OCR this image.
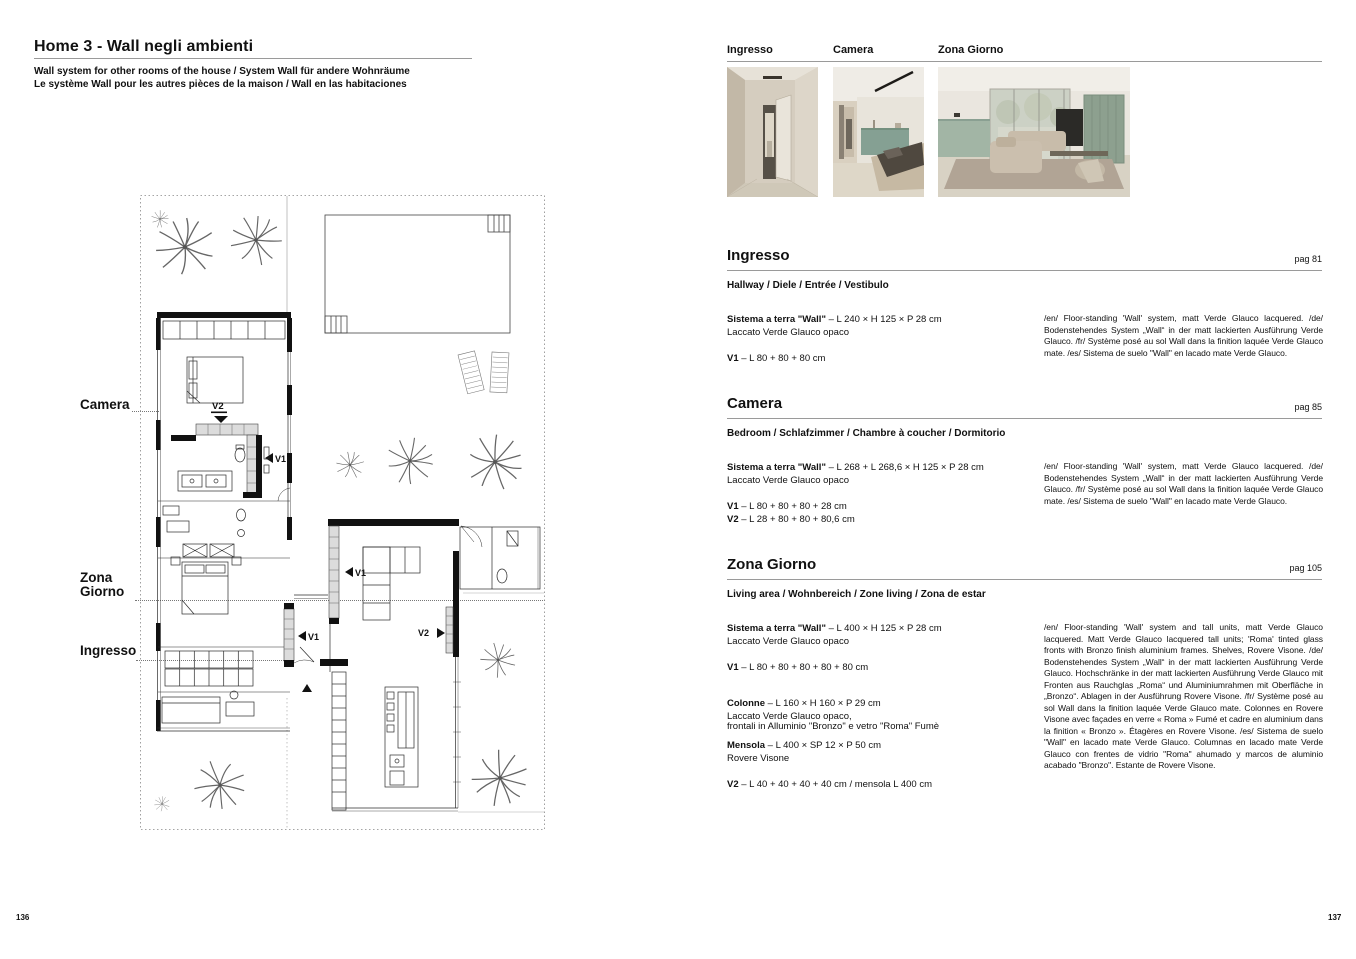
Home 3 - Wall negli ambienti
Wall system for other rooms of the house / System Wall für andere Wohnräume
Le système Wall pour les autres pièces de la maison / Wall en las habitaciones
Camera
Zona
Giorno
Ingresso
V2
V1
V1
V1
V2
136
Ingresso	Camera	Zona Giorno
Ingresso	pag 81
Hallway / Diele / Entrée / Vestibulo
Sistema a terra "Wall" – L 240 × H 125 × P 28 cm
Laccato Verde Glauco opaco
V1 – L 80 + 80 + 80 cm
/en/ Floor-standing 'Wall' system, matt Verde Glauco lacquered. /de/ Bodenstehendes System „Wall“ in der matt lackierten Ausführung Verde Glauco. /fr/ Système posé au sol Wall dans la finition laquée Verde Glauco mate. /es/ Sistema de suelo "Wall" en lacado mate Verde Glauco.
Camera	pag 85
Bedroom / Schlafzimmer / Chambre à coucher / Dormitorio
Sistema a terra "Wall" – L 268 + L 268,6 × H 125 × P 28 cm
Laccato Verde Glauco opaco
V1 – L 80 + 80 + 80 + 28 cm
V2 – L 28 + 80 + 80 + 80,6 cm
/en/ Floor-standing 'Wall' system, matt Verde Glauco lacquered. /de/ Bodenstehendes System „Wall“ in der matt lackierten Ausführung Verde Glauco. /fr/ Système posé au sol Wall dans la finition laquée Verde Glauco mate. /es/ Sistema de suelo "Wall" en lacado mate Verde Glauco.
Zona Giorno	pag 105
Living area / Wohnbereich / Zone living / Zona de estar
Sistema a terra "Wall" – L 400 × H 125 × P 28 cm
Laccato Verde Glauco opaco
V1 – L 80 + 80 + 80 + 80 + 80 cm
Colonne – L 160 × H 160 × P 29 cm
Laccato Verde Glauco opaco,
frontali in Alluminio "Bronzo" e vetro "Roma" Fumè
Mensola – L 400 × SP 12 × P 50 cm
Rovere Visone
V2 – L 40 + 40 + 40 + 40 cm / mensola L 400 cm
/en/ Floor-standing 'Wall' system and tall units, matt Verde Glauco lacquered. Matt Verde Glauco lacquered tall units; 'Roma' tinted glass fronts with Bronzo finish aluminium frames. Shelves, Rovere Visone. /de/ Bodenstehendes System „Wall“ in der matt lackierten Ausführung Verde Glauco. Hochschränke in der matt lackierten Ausführung Verde Glauco mit Fronten aus Rauchglas „Roma“ und Aluminiumrahmen mit Oberfläche in „Bronzo“. Ablagen in der Ausführung Rovere Visone. /fr/ Système posé au sol Wall dans la finition laquée Verde Glauco mate. Colonnes en Rovere Visone avec façades en verre « Roma » Fumé et cadre en aluminium dans la finition « Bronzo ». Étagères en Rovere Visone. /es/ Sistema de suelo "Wall" en lacado mate Verde Glauco. Columnas en lacado mate Verde Glauco con frentes de vidrio "Roma" ahumado y marcos de aluminio acabado "Bronzo". Estante de Rovere Visone.
137
